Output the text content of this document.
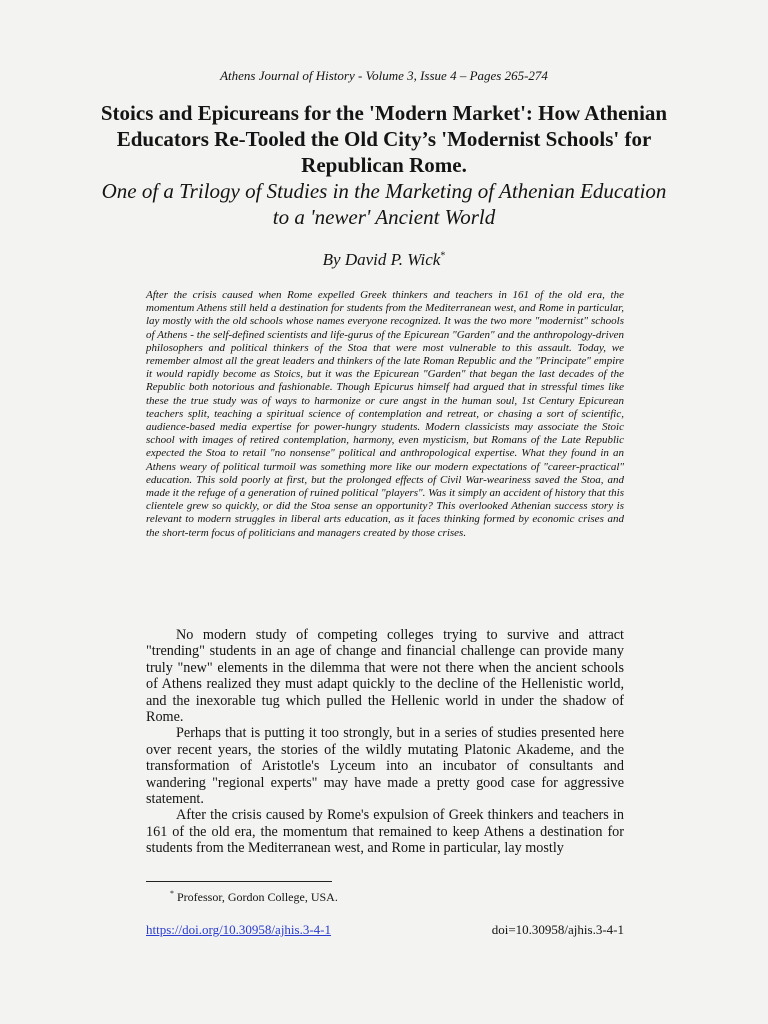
Athens Journal of History - Volume 3, Issue 4 – Pages 265-274
Stoics and Epicureans for the 'Modern Market': How Athenian Educators Re-Tooled the Old City’s 'Modernist Schools' for Republican Rome.
One of a Trilogy of Studies in the Marketing of Athenian Education to a 'newer' Ancient World
By David P. Wick*

After the crisis caused when Rome expelled Greek thinkers and teachers in 161 of the old era, the momentum Athens still held a destination for students from the Mediterranean west, and Rome in particular, lay mostly with the old schools whose names everyone recognized. It was the two more "modernist" schools of Athens - the self-defined scientists and life-gurus of the Epicurean "Garden" and the anthropology-driven philosophers and political thinkers of the Stoa that were most vulnerable to this assault. Today, we remember almost all the great leaders and thinkers of the late Roman Republic and the "Principate" empire it would rapidly become as Stoics, but it was the Epicurean "Garden" that began the last decades of the Republic both notorious and fashionable. Though Epicurus himself had argued that in stressful times like these the true study was of ways to harmonize or cure angst in the human soul, 1st Century Epicurean teachers split, teaching a spiritual science of contemplation and retreat, or chasing a sort of scientific, audience-based media expertise for power-hungry students. Modern classicists may associate the Stoic school with images of retired contemplation, harmony, even mysticism, but Romans of the Late Republic expected the Stoa to retail "no nonsense" political and anthropological expertise. What they found in an Athens weary of political turmoil was something more like our modern expectations of "career-practical" education. This sold poorly at first, but the prolonged effects of Civil War-weariness saved the Stoa, and made it the refuge of a generation of ruined political "players". Was it simply an accident of history that this clientele grew so quickly, or did the Stoa sense an opportunity? This overlooked Athenian success story is relevant to modern struggles in liberal arts education, as it faces thinking formed by economic crises and the short-term focus of politicians and managers created by those crises.

No modern study of competing colleges trying to survive and attract "trending" students in an age of change and financial challenge can provide many truly "new" elements in the dilemma that were not there when the ancient schools of Athens realized they must adapt quickly to the decline of the Hellenistic world, and the inexorable tug which pulled the Hellenic world in under the shadow of Rome.

Perhaps that is putting it too strongly, but in a series of studies presented here over recent years, the stories of the wildly mutating Platonic Akademe, and the transformation of Aristotle's Lyceum into an incubator of consultants and wandering "regional experts" may have made a pretty good case for aggressive statement.

After the crisis caused by Rome's expulsion of Greek thinkers and teachers in 161 of the old era, the momentum that remained to keep Athens a destination for students from the Mediterranean west, and Rome in particular, lay mostly

* Professor, Gordon College, USA.
https://doi.org/10.30958/ajhis.3-4-1	doi=10.30958/ajhis.3-4-1
